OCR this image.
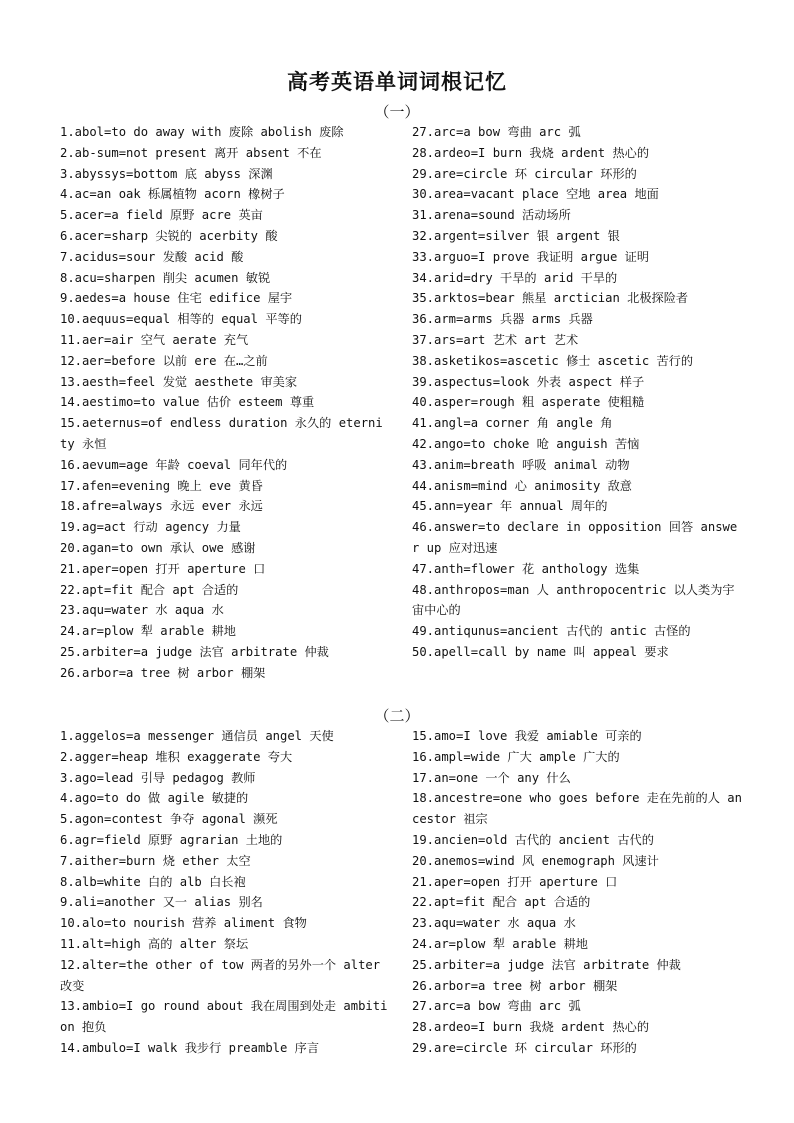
高考英语单词词根记忆
（一）
1.abol=to do away with 废除 abolish 废除
2.ab-sum=not present 离开 absent 不在
3.abyssys=bottom 底 abyss 深渊
4.ac=an oak 栎属植物 acorn 橡树子
5.acer=a field 原野 acre 英亩
6.acer=sharp 尖锐的 acerbity 酸
7.acidus=sour 发酸 acid 酸
8.acu=sharpen 削尖 acumen 敏锐
9.aedes=a house 住宅 edifice 屋宇
10.aequus=equal 相等的 equal 平等的
11.aer=air 空气 aerate 充气
12.aer=before 以前 ere 在…之前
13.aesth=feel 发觉 aesthete 审美家
14.aestimo=to value 估价 esteem 尊重
15.aeternus=of endless duration 永久的 eternity 永恒
16.aevum=age 年龄 coeval 同年代的
17.afen=evening 晚上 eve 黄昏
18.afre=always 永远 ever 永远
19.ag=act 行动 agency 力量
20.agan=to own 承认 owe 感谢
21.aper=open 打开 aperture 口
22.apt=fit 配合 apt 合适的
23.aqu=water 水 aqua 水
24.ar=plow 犁 arable 耕地
25.arbiter=a judge 法官 arbitrate 仲裁
26.arbor=a tree 树 arbor 棚架
27.arc=a bow 弯曲 arc 弧
28.ardeo=I burn 我烧 ardent 热心的
29.are=circle 环 circular 环形的
30.area=vacant place 空地 area 地面
31.arena=sound 活动场所
32.argent=silver 银 argent 银
33.arguo=I prove 我证明 argue 证明
34.arid=dry 干旱的 arid 干旱的
35.arktos=bear 熊星 arctician 北极探险者
36.arm=arms 兵器 arms 兵器
37.ars=art 艺术 art 艺术
38.asketikos=ascetic 修士 ascetic 苦行的
39.aspectus=look 外表 aspect 样子
40.asper=rough 粗 asperate 使粗糙
41.angl=a corner 角 angle 角
42.ango=to choke 呛 anguish 苦恼
43.anim=breath 呼吸 animal 动物
44.anism=mind 心 animosity 敌意
45.ann=year 年 annual 周年的
46.answer=to declare in opposition 回答 answer up 应对迅速
47.anth=flower 花 anthology 选集
48.anthropos=man 人 anthropocentric 以人类为宇宙中心的
49.antiqunus=ancient 古代的 antic 古怪的
50.apell=call by name 叫 appeal 要求
（二）
1.aggelos=a messenger 通信员 angel 天使
2.agger=heap 堆积 exaggerate 夸大
3.ago=lead 引导 pedagog 教师
4.ago=to do 做 agile 敏捷的
5.agon=contest 争夺 agonal 濒死
6.agr=field 原野 agrarian 土地的
7.aither=burn 烧 ether 太空
8.alb=white 白的 alb 白长袍
9.ali=another 又一 alias 别名
10.alo=to nourish 营养 aliment 食物
11.alt=high 高的 alter 祭坛
12.alter=the other of tow 两者的另外一个 alter 改变
13.ambio=I go round about 我在周围到处走 ambition 抱负
14.ambulo=I walk 我步行 preamble 序言
15.amo=I love 我爱 amiable 可亲的
16.ampl=wide 广大 ample 广大的
17.an=one 一个 any 什么
18.ancestre=one who goes before 走在先前的人 ancestor 祖宗
19.ancien=old 古代的 ancient 古代的
20.anemos=wind 风 enemograph 风速计
21.aper=open 打开 aperture 口
22.apt=fit 配合 apt 合适的
23.aqu=water 水 aqua 水
24.ar=plow 犁 arable 耕地
25.arbiter=a judge 法官 arbitrate 仲裁
26.arbor=a tree 树 arbor 棚架
27.arc=a bow 弯曲 arc 弧
28.ardeo=I burn 我烧 ardent 热心的
29.are=circle 环 circular 环形的
